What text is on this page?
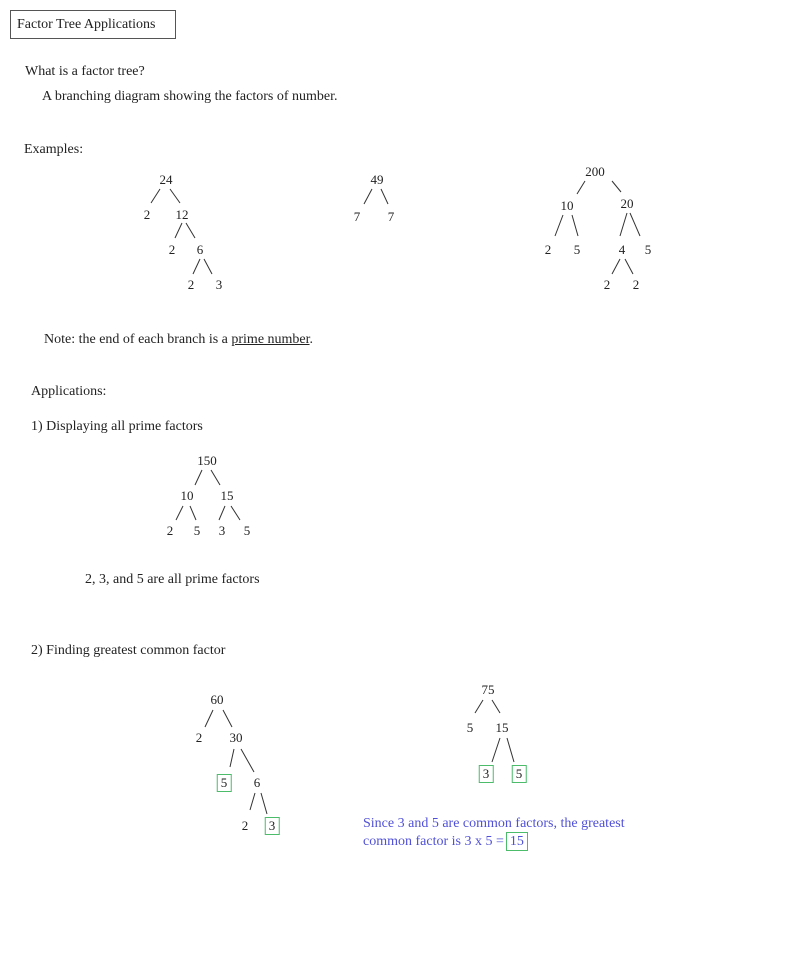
Factor Tree Applications
What is a factor tree?
A branching diagram showing the factors of number.
Examples:
24
2 12
2 6
2 3
49
7 7
200
10	20
2 5	4 5
2 2
Note: the end of each branch is a prime number.
Applications:
1) Displaying all prime factors
150
10 15
2 5 3 5
2, 3, and 5 are all prime factors
2) Finding greatest common factor
60
2 30
5	6
2	3
75
5 15
3	5
Since 3 and 5 are common factors, the greatest
common factor is 3 x 5 = 15
